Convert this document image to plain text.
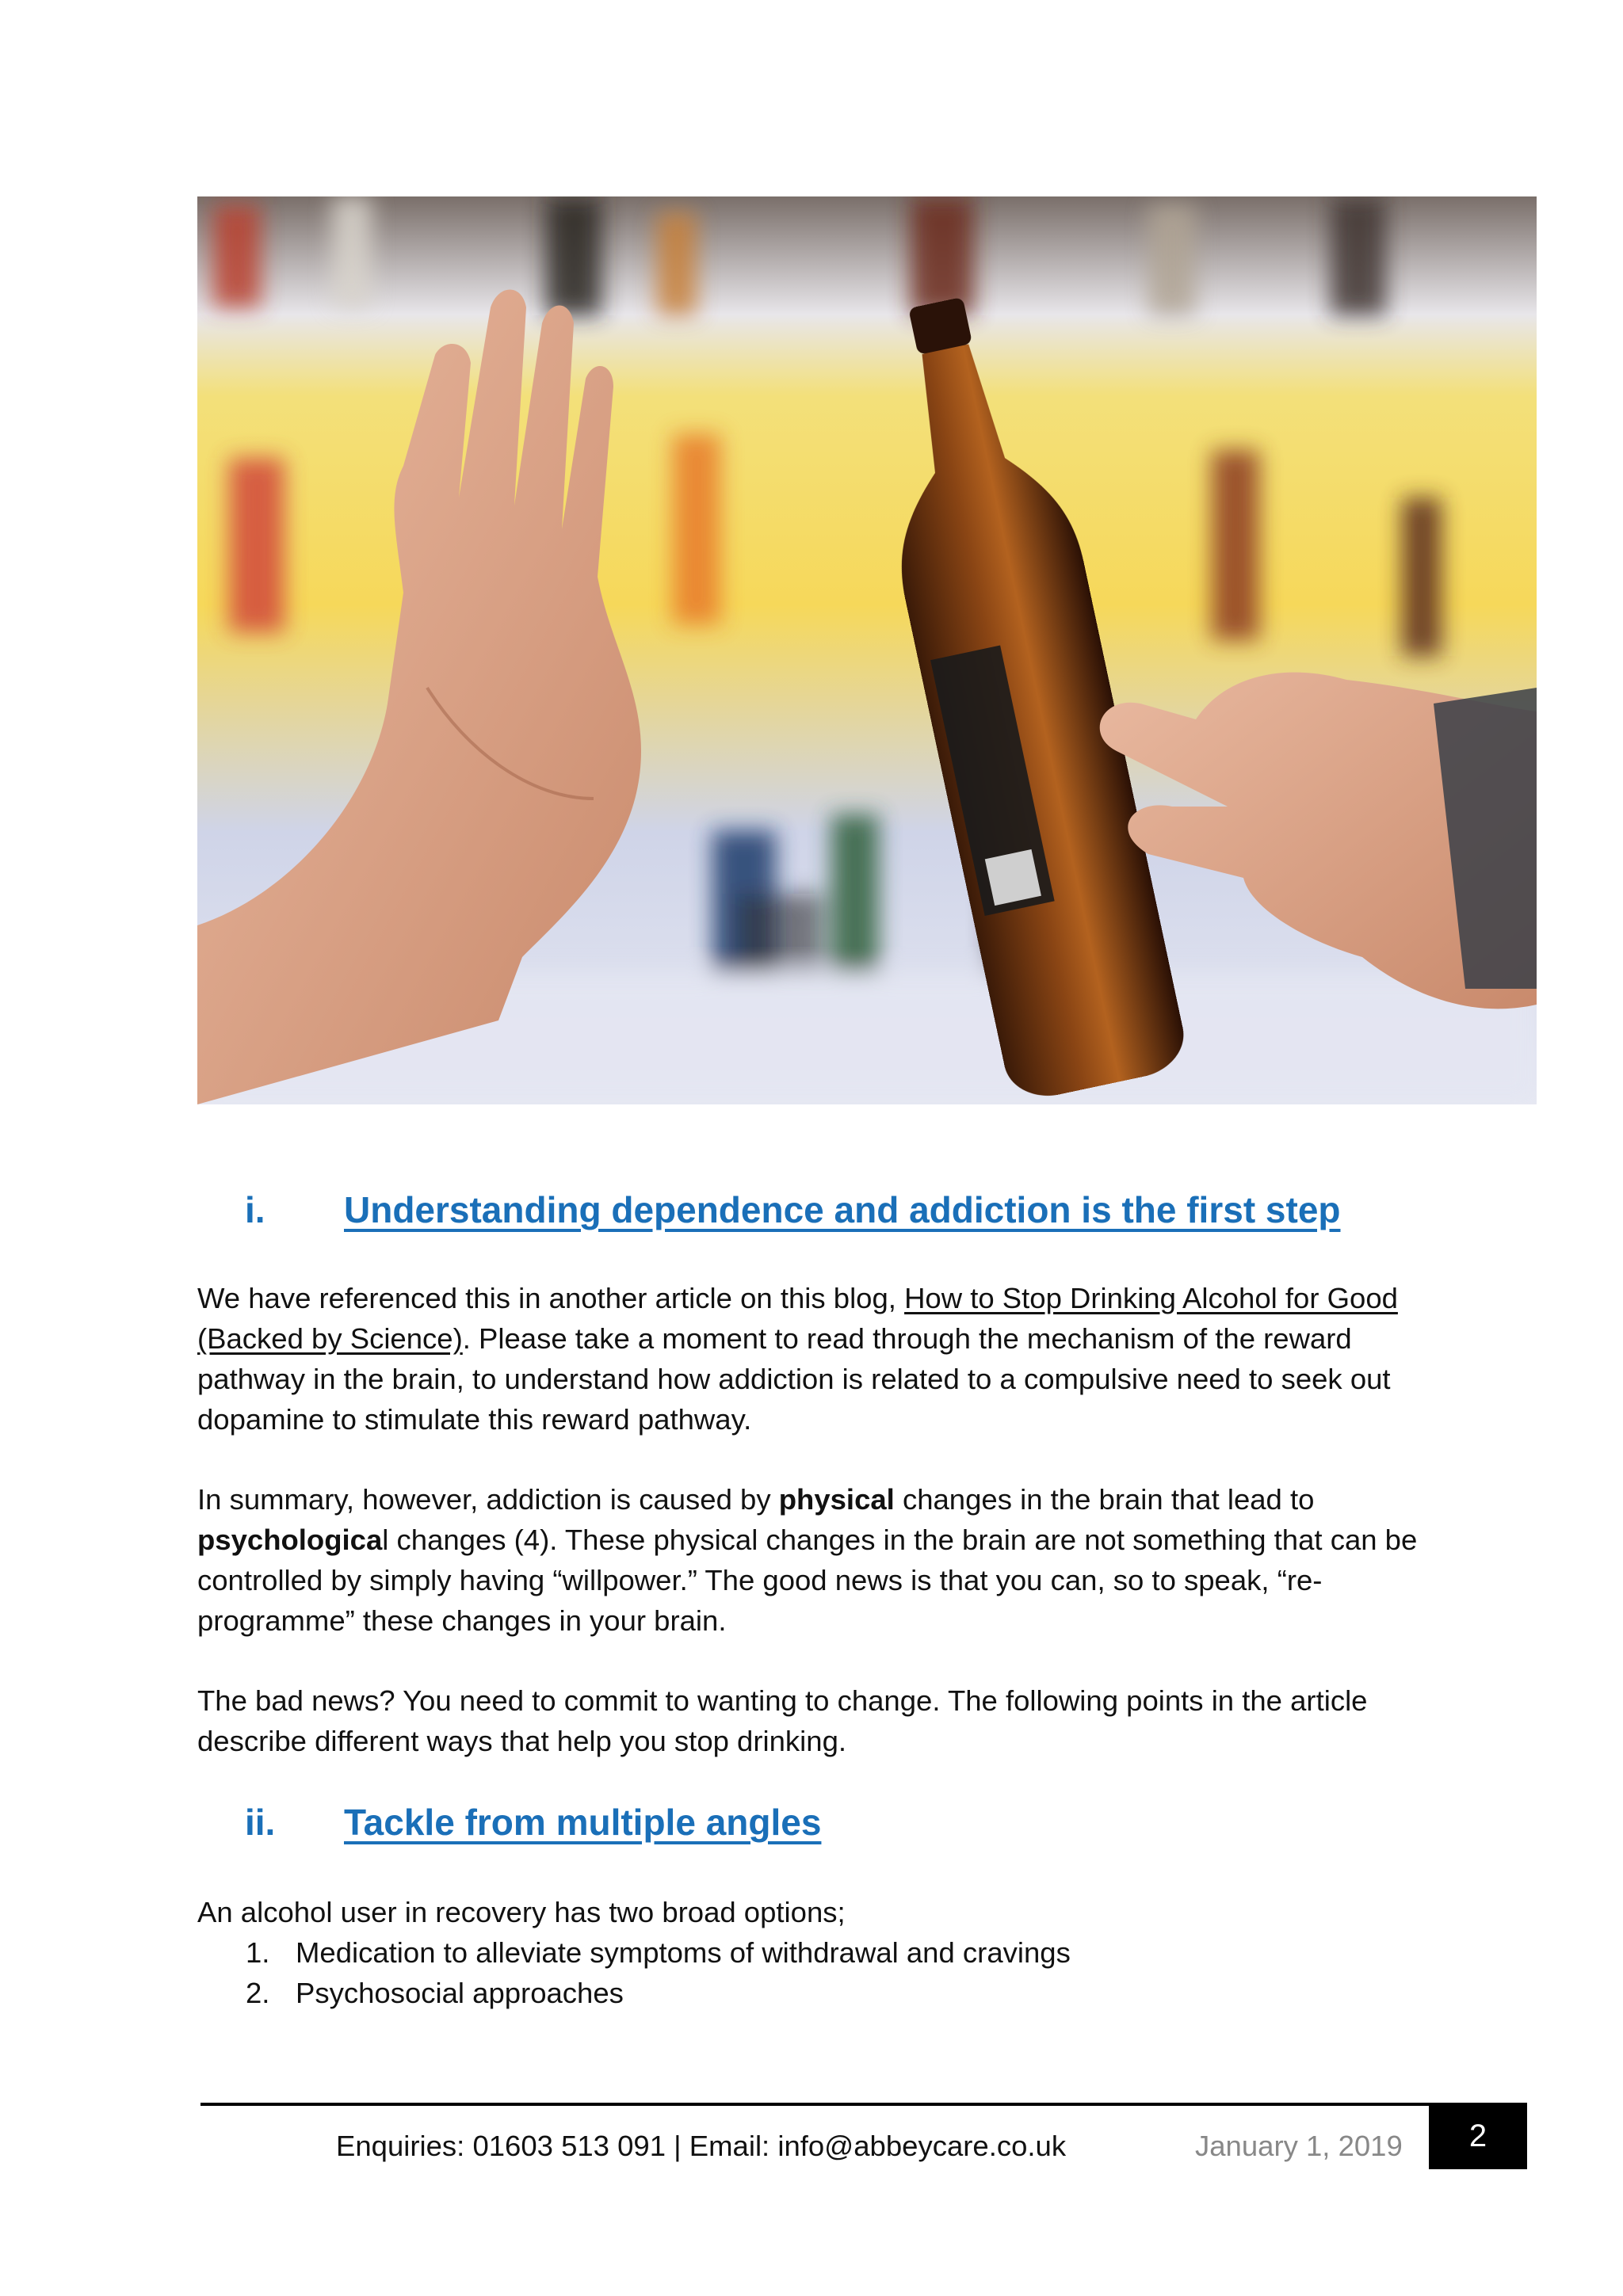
i. Understanding dependence and addiction is the first step

We have referenced this in another article on this blog, How to Stop Drinking Alcohol for Good (Backed by Science). Please take a moment to read through the mechanism of the reward pathway in the brain, to understand how addiction is related to a compulsive need to seek out dopamine to stimulate this reward pathway.

In summary, however, addiction is caused by physical changes in the brain that lead to psychological changes (4). These physical changes in the brain are not something that can be controlled by simply having “willpower.” The good news is that you can, so to speak, “re-programme” these changes in your brain.

The bad news? You need to commit to wanting to change. The following points in the article describe different ways that help you stop drinking.

ii. Tackle from multiple angles

An alcohol user in recovery has two broad options;

1. Medication to alleviate symptoms of withdrawal and cravings
2. Psychosocial approaches
Enquiries: 01603 513 091 | Email: info@abbeycare.co.uk	January 1, 2019	2
